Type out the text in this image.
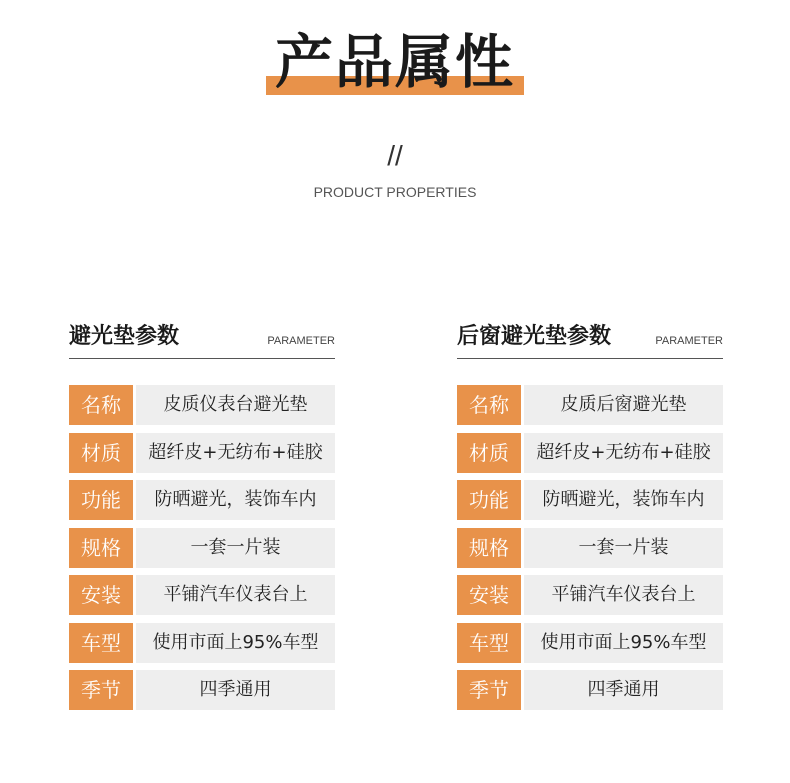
产品属性
//
PRODUCT PROPERTIES
避光垫参数	PARAMETER
名称	皮质仪表台避光垫
材质	超纤皮+无纺布+硅胶
功能	防晒避光，装饰车内
规格	一套一片装
安装	平铺汽车仪表台上
车型	使用市面上95%车型
季节	四季通用
后窗避光垫参数	PARAMETER
名称	皮质后窗避光垫
材质	超纤皮+无纺布+硅胶
功能	防晒避光，装饰车内
规格	一套一片装
安装	平铺汽车仪表台上
车型	使用市面上95%车型
季节	四季通用
